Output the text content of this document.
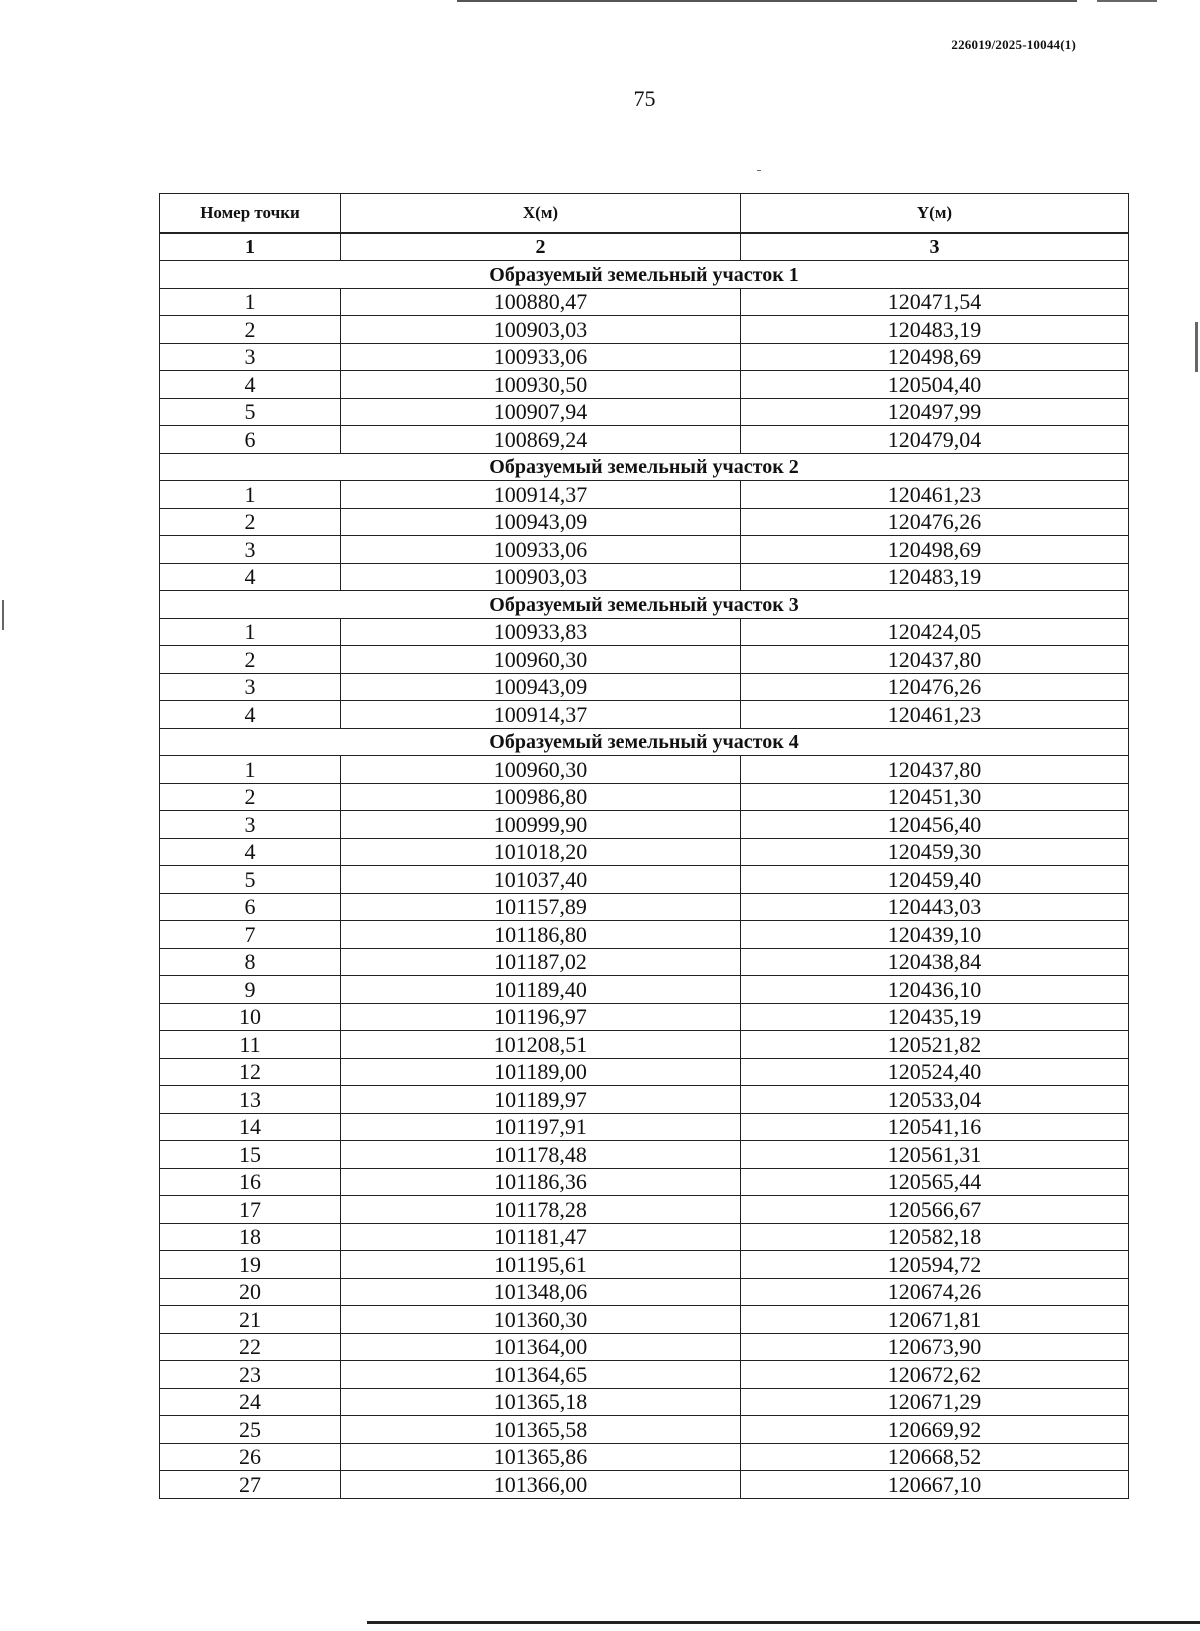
226019/2025-10044(1)
75
Номер точки	X(м)	Y(м)
1	2	3
Образуемый земельный участок 1		
1	100880,47	120471,54
2	100903,03	120483,19
3	100933,06	120498,69
4	100930,50	120504,40
5	100907,94	120497,99
6	100869,24	120479,04
Образуемый земельный участок 2		
1	100914,37	120461,23
2	100943,09	120476,26
3	100933,06	120498,69
4	100903,03	120483,19
Образуемый земельный участок 3		
1	100933,83	120424,05
2	100960,30	120437,80
3	100943,09	120476,26
4	100914,37	120461,23
Образуемый земельный участок 4		
1	100960,30	120437,80
2	100986,80	120451,30
3	100999,90	120456,40
4	101018,20	120459,30
5	101037,40	120459,40
6	101157,89	120443,03
7	101186,80	120439,10
8	101187,02	120438,84
9	101189,40	120436,10
10	101196,97	120435,19
11	101208,51	120521,82
12	101189,00	120524,40
13	101189,97	120533,04
14	101197,91	120541,16
15	101178,48	120561,31
16	101186,36	120565,44
17	101178,28	120566,67
18	101181,47	120582,18
19	101195,61	120594,72
20	101348,06	120674,26
21	101360,30	120671,81
22	101364,00	120673,90
23	101364,65	120672,62
24	101365,18	120671,29
25	101365,58	120669,92
26	101365,86	120668,52
27	101366,00	120667,10
